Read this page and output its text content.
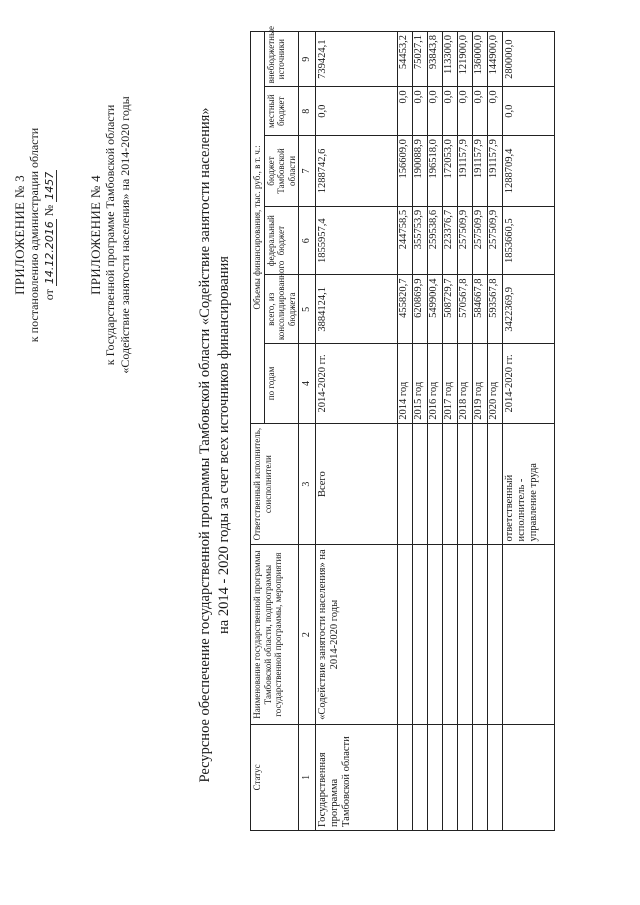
ПРИЛОЖЕНИЕ № 3 к постановлению администрации области от 14.12.2016 № 1457 ПРИЛОЖЕНИЕ № 4 к Государственной программе Тамбовской области «Содействие занятости населения» на 2014-2020 годы	Ресурсное обеспечение государственной программы Тамбовской области «Содействие занятости населения» на 2014 - 2020 годы за счет всех источников финансирования
Статус	Наименование государственной программы Тамбовской области, подпрограммы государственной программы, мероприятия	Ответственный исполнитель, соисполнители	Объемы финансирования, тыс. руб., в т. ч.:					
			по годам	всего, из консолидированного бюджета	федеральный бюджет	бюджет Тамбовской области	местный бюджет	внебюджетные источники
1	2	3	4	5	6	7	8	9
Государственная программа Тамбовской области	«Содействие занятости населения» на 2014-2020 годы	Всего	2014-2020 гг.	3884124,1	1855957,4	1288742,6	0,0	739424,1
			2014 год	455820,7	244758,5	156609,0	0,0	54453,2
			2015 год	620869,9	355753,9	190088,9	0,0	75027,1
			2016 год	549900,4	259538,6	196518,0	0,0	93843,8
			2017 год	508729,7	223376,7	172053,0	0,0	113300,0
			2018 год	570567,8	257509,9	191157,9	0,0	121900,0
			2019 год	584667,8	257509,9	191157,9	0,0	136000,0
			2020 год	593567,8	257509,9	191157,9	0,0	144900,0
		ответственный исполнитель - управление труда	2014-2020 гг.	3422369,9	1853660,5	1288709,4	0,0	280000,0
